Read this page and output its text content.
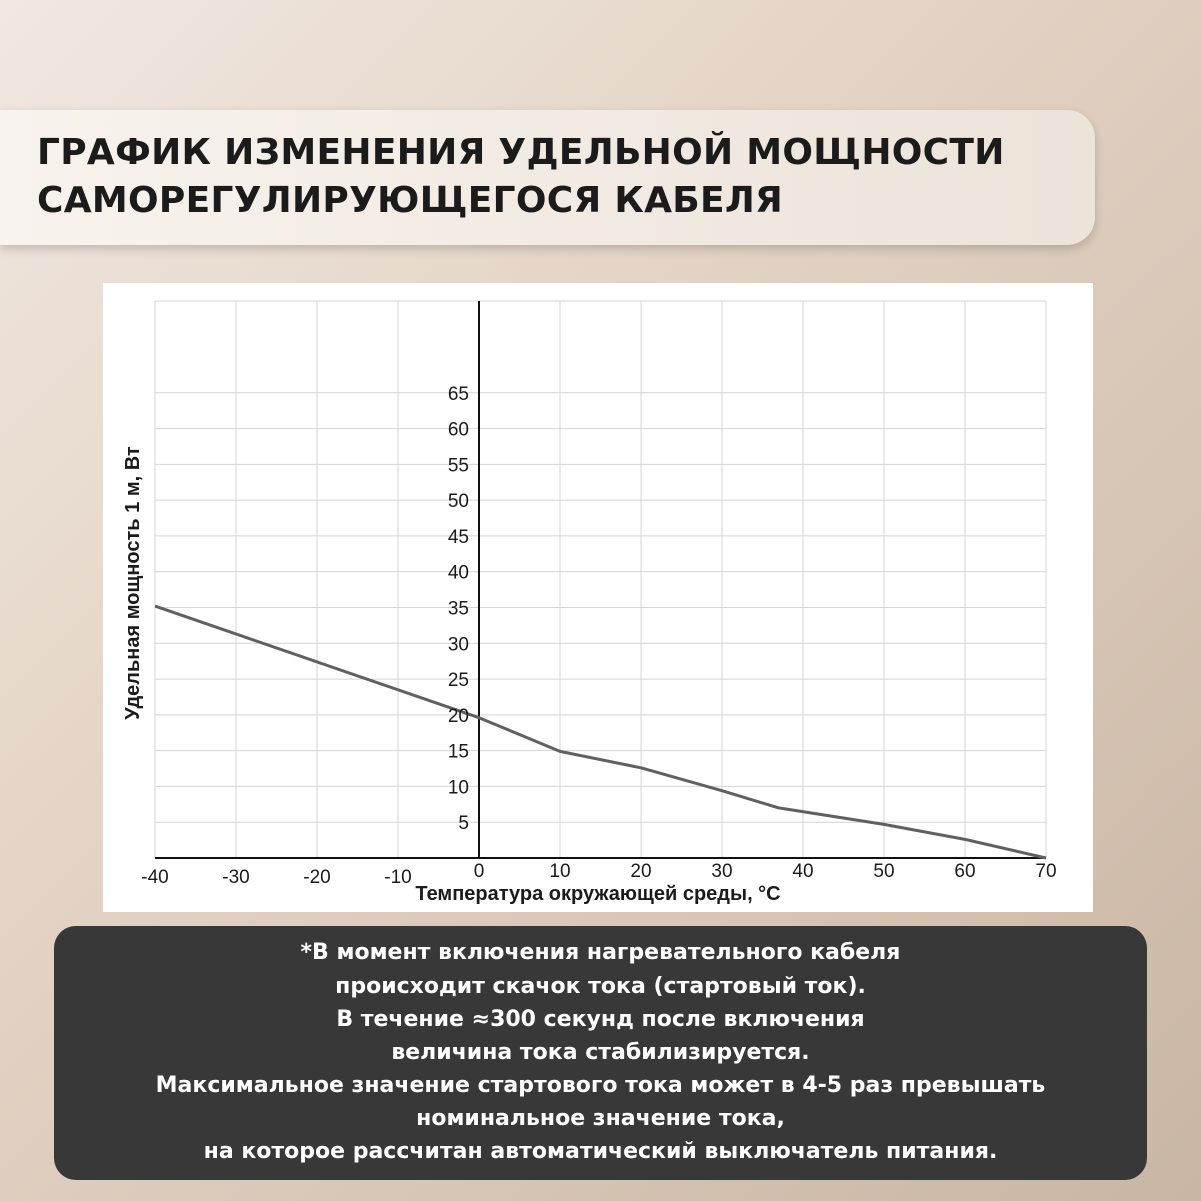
ГРАФИК ИЗМЕНЕНИЯ УДЕЛЬНОЙ МОЩНОСТИ
САМОРЕГУЛИРУЮЩЕГОСЯ КАБЕЛЯ
5
10
15
20
25
30
35
40
45
50
55
60
65
-40	-30	-20	-10	0	10	20	30	40	50	60	70
Температура окружающей среды, °С
Удельная мощность 1 м, Вт

*В момент включения нагревательного кабеля

происходит скачок тока (стартовый ток).

В течение ≈300 секунд после включения

величина тока стабилизируется.

Максимальное значение стартового тока может в 4-5 раз превышать

номинальное значение тока,

на которое рассчитан автоматический выключатель питания.
